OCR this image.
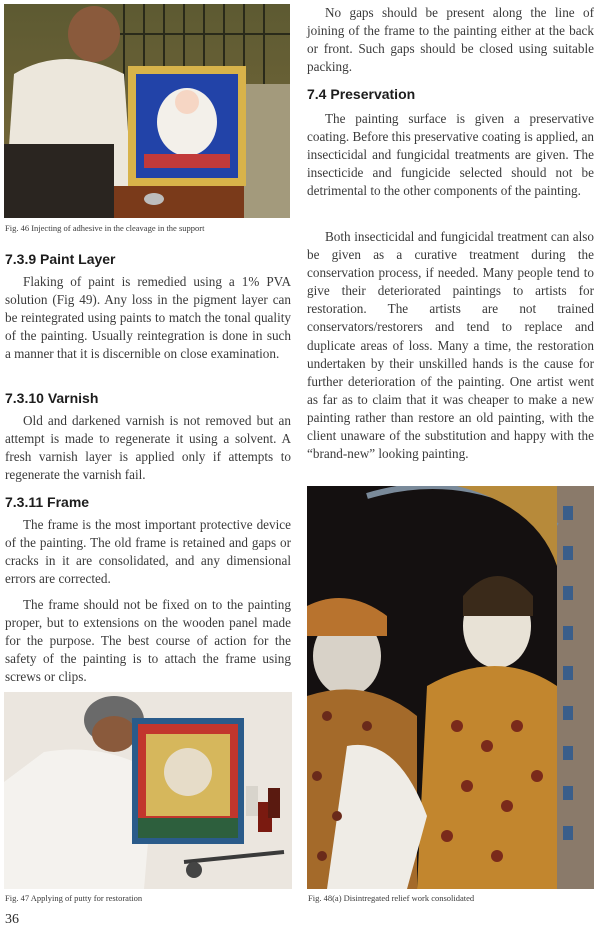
Fig. 46 Injecting of adhesive in the cleavage in the support
7.3.9 Paint Layer

Flaking of paint is remedied using a 1% PVA solution (Fig 49). Any loss in the pigment layer can be reintegrated using paints to match the tonal quality of the painting. Usually reintegration is done in such a manner that it is discernible on close examination.

7.3.10 Varnish

Old and darkened varnish is not removed but an attempt is made to regenerate it using a solvent. A fresh varnish layer is applied only if attempts to regenerate the varnish fail.

7.3.11 Frame

The frame is the most important protective device of the painting. The old frame is retained and gaps or cracks in it are consolidated, and any dimensional errors are corrected.

The frame should not be fixed on to the painting proper, but to extensions on the wooden panel made for the purpose. The best course of action for the safety of the painting is to attach the frame using screws or clips.

Fig. 47 Applying of putty for restoration
36

No gaps should be present along the line of joining of the frame to the painting either at the back or front. Such gaps should be closed using suitable packing.

7.4 Preservation

The painting surface is given a preservative coating. Before this preservative coating is applied, an insecticidal and fungicidal treatments are given. The insecticide and fungicide selected should not be detrimental to the other components of the painting.

Both insecticidal and fungicidal treatment can also be given as a curative treatment during the conservation process, if needed. Many people tend to give their deteriorated paintings to artists for restoration. The artists are not trained conservators/restorers and tend to replace and duplicate areas of loss. Many a time, the restoration undertaken by their unskilled hands is the cause for further deterioration of the painting. One artist went as far as to claim that it was cheaper to make a new painting rather than restore an old painting, with the client unaware of the substitution and happy with the “brand-new” looking painting.

Fig. 48(a) Disintregated relief work consolidated
